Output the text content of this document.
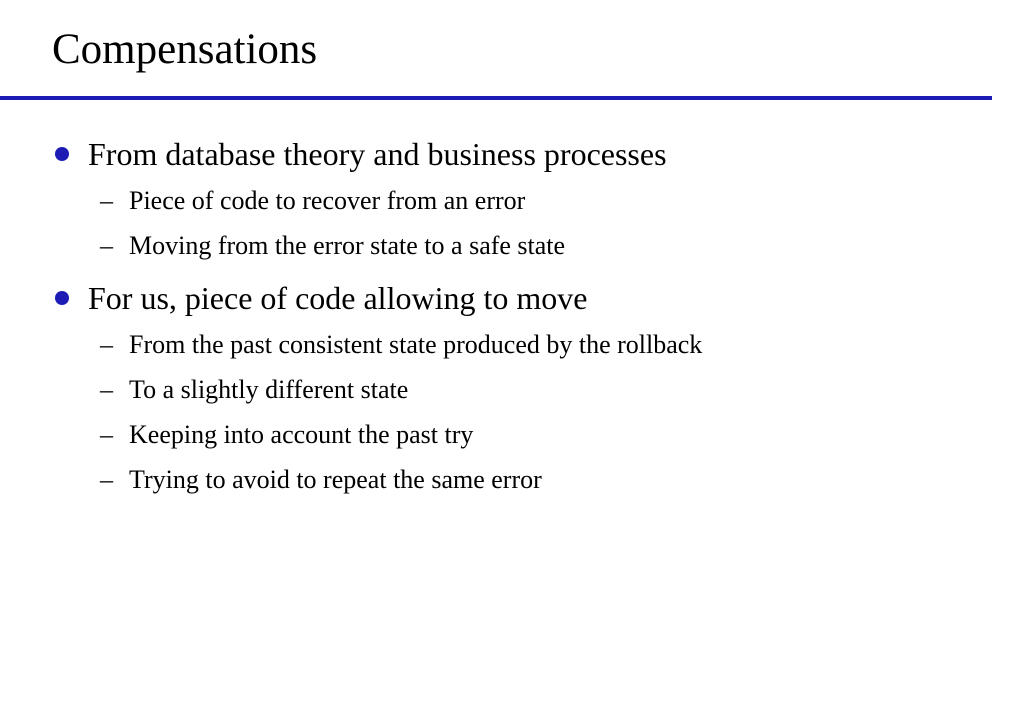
Compensations
From database theory and business processes
– Piece of code to recover from an error
– Moving from the error state to a safe state
For us, piece of code allowing to move
– From the past consistent state produced by the rollback
– To a slightly different state
– Keeping into account the past try
– Trying to avoid to repeat the same error
